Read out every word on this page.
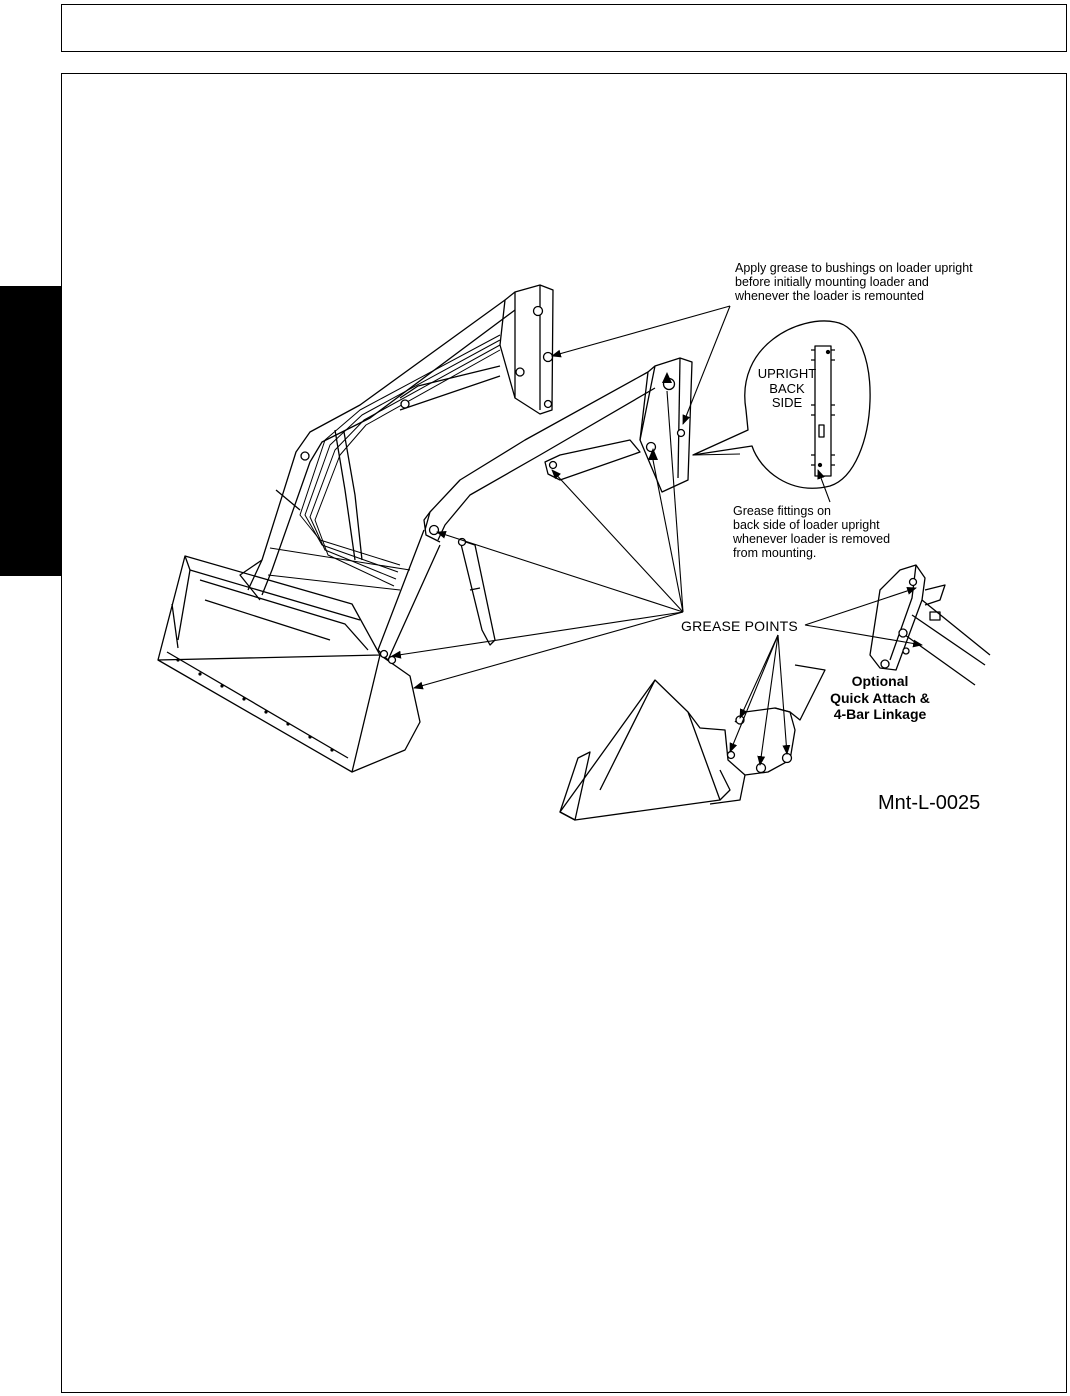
Apply grease to bushings on loader upright
before initially mounting loader and
whenever the loader is remounted
UPRIGHT
BACK
SIDE
Grease fittings on
back side of loader upright
whenever loader is removed
from mounting.
GREASE POINTS
Optional
Quick Attach &
4-Bar Linkage
Mnt-L-0025
